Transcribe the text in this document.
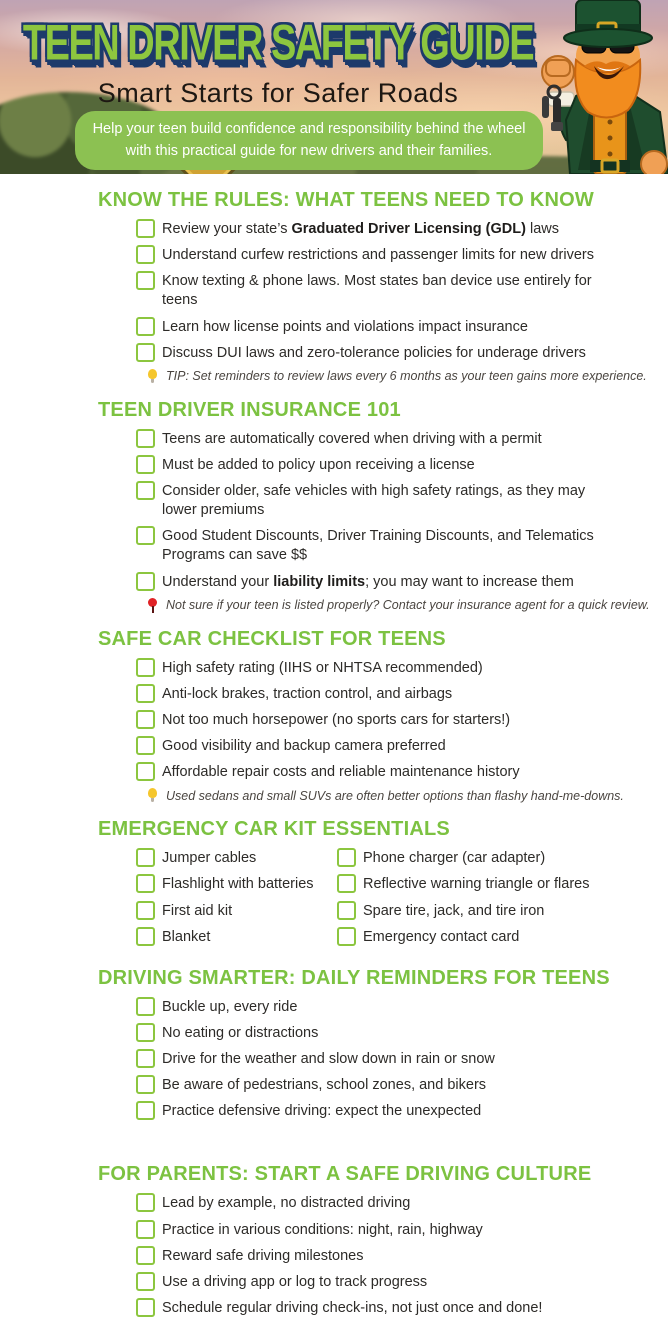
TEEN DRIVER SAFETY GUIDE
Smart Starts for Safer Roads
Help your teen build confidence and responsibility behind the wheel
with this practical guide for new drivers and their families.
KNOW THE RULES: WHAT TEENS NEED TO KNOW
Review your state’s Graduated Driver Licensing (GDL) laws
Understand curfew restrictions and passenger limits for new drivers
Know texting & phone laws. Most states ban device use entirely for teens
Learn how license points and violations impact insurance
Discuss DUI laws and zero-tolerance policies for underage drivers
TIP: Set reminders to review laws every 6 months as your teen gains more experience.
TEEN DRIVER INSURANCE 101
Teens are automatically covered when driving with a permit
Must be added to policy upon receiving a license
Consider older, safe vehicles with high safety ratings, as they may lower premiums
Good Student Discounts, Driver Training Discounts, and Telematics Programs can save $$
Understand your liability limits; you may want to increase them
Not sure if your teen is listed properly? Contact your insurance agent for a quick review.
SAFE CAR CHECKLIST FOR TEENS
High safety rating (IIHS or NHTSA recommended)
Anti-lock brakes, traction control, and airbags
Not too much horsepower (no sports cars for starters!)
Good visibility and backup camera preferred
Affordable repair costs and reliable maintenance history
Used sedans and small SUVs are often better options than flashy hand-me-downs.
EMERGENCY CAR KIT ESSENTIALS
Jumper cables
Flashlight with batteries
First aid kit
Blanket
Phone charger (car adapter)
Reflective warning triangle or flares
Spare tire, jack, and tire iron
Emergency contact card
DRIVING SMARTER: DAILY REMINDERS FOR TEENS
Buckle up, every ride
No eating or distractions
Drive for the weather and slow down in rain or snow
Be aware of pedestrians, school zones, and bikers
Practice defensive driving: expect the unexpected
FOR PARENTS: START A SAFE DRIVING CULTURE
Lead by example, no distracted driving
Practice in various conditions: night, rain, highway
Reward safe driving milestones
Use a driving app or log to track progress
Schedule regular driving check-ins, not just once and done!
